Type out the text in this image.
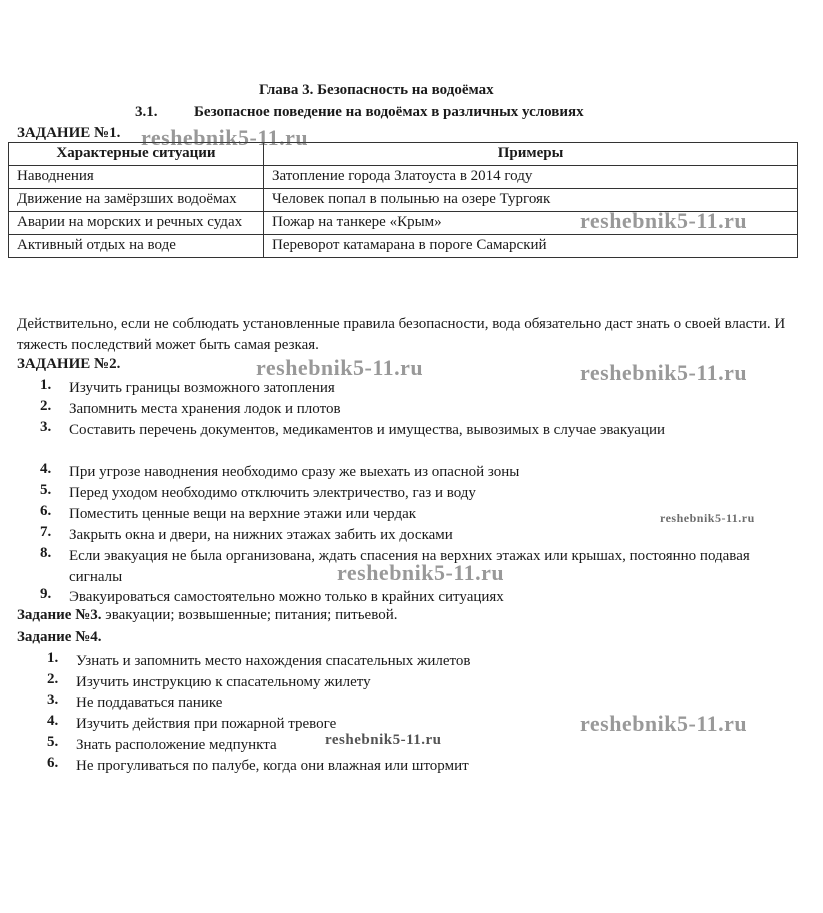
Глава 3. Безопасность на водоёмах
3.1. Безопасное поведение на водоёмах в различных условиях
ЗАДАНИЕ №1.
Характерные ситуации	Примеры
Наводнения	Затопление города Златоуста в 2014 году
Движение на замёрзших водоёмах	Человек попал в полынью на озере Тургояк
Аварии на морских и речных судах	Пожар на танкере «Крым»
Активный отдых на воде	Переворот катамарана в пороге Самарский
Действительно, если не соблюдать установленные правила безопасности, вода обязательно даст знать о своей власти. И тяжесть последствий может быть самая резкая.
ЗАДАНИЕ №2.
1. Изучить границы возможного затопления
2. Запомнить места хранения лодок и плотов
3. Составить перечень документов, медикаментов и имущества, вывозимых в случае эвакуации
4. При угрозе наводнения необходимо сразу же выехать из опасной зоны
5. Перед уходом необходимо отключить электричество, газ и воду
6. Поместить ценные вещи на верхние этажи или чердак
7. Закрыть окна и двери, на нижних этажах забить их досками
8. Если эвакуация не была организована, ждать спасения на верхних этажах или крышах, постоянно подавая сигналы
9. Эвакуироваться самостоятельно можно только в крайних ситуациях
Задание №3. эвакуации; возвышенные; питания; питьевой.
Задание №4.
1. Узнать и запомнить место нахождения спасательных жилетов
2. Изучить инструкцию к спасательному жилету
3. Не поддаваться панике
4. Изучить действия при пожарной тревоге
5. Знать расположение медпункта
6. Не прогуливаться по палубе, когда они влажная или штормит
reshebnik5-11.ru
reshebnik5-11.ru
reshebnik5-11.ru	reshebnik5-11.ru
reshebnik5-11.ru
reshebnik5-11.ru
reshebnik5-11.ru
reshebnik5-11.ru
